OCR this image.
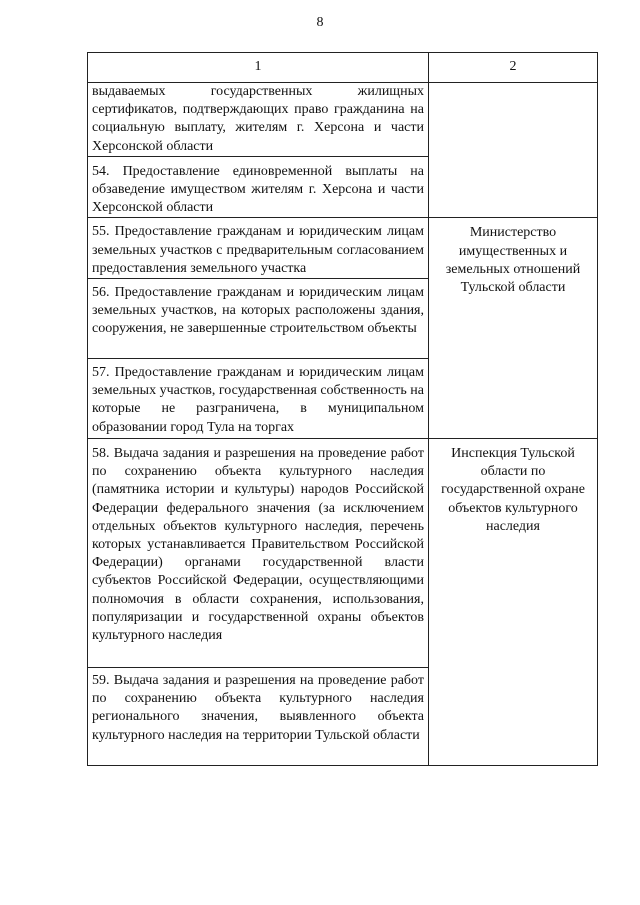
8
1	2
выдаваемых государственных жилищных сертификатов, подтверждающих право гражданина на социальную выплату, жителям г. Херсона и части Херсонской области	
54. Предоставление единовременной выплаты на обзаведение имуществом жителям г. Херсона и части Херсонской области	
55. Предоставление гражданам и юридическим лицам земельных участков с предварительным согласованием предоставления земельного участка	Министерство имущественных и земельных отношений Тульской области
56. Предоставление гражданам и юридическим лицам земельных участков, на которых расположены здания, сооружения, не завершенные строительством объекты	
57. Предоставление гражданам и юридическим лицам земельных участков, государственная собственность на которые не разграничена, в муниципальном образовании город Тула на торгах	
58. Выдача задания и разрешения на проведение работ по сохранению объекта культурного наследия (памятника истории и культуры) народов Российской Федерации федерального значения (за исключением отдельных объектов культурного наследия, перечень которых устанавливается Правительством Российской Федерации) органами государственной власти субъектов Российской Федерации, осуществляющими полномочия в области сохранения, использования, популяризации и государственной охраны объектов культурного наследия	Инспекция Тульской области по государственной охране объектов культурного наследия
59. Выдача задания и разрешения на проведение работ по сохранению объекта культурного наследия регионального значения, выявленного объекта культурного наследия на территории Тульской области	
